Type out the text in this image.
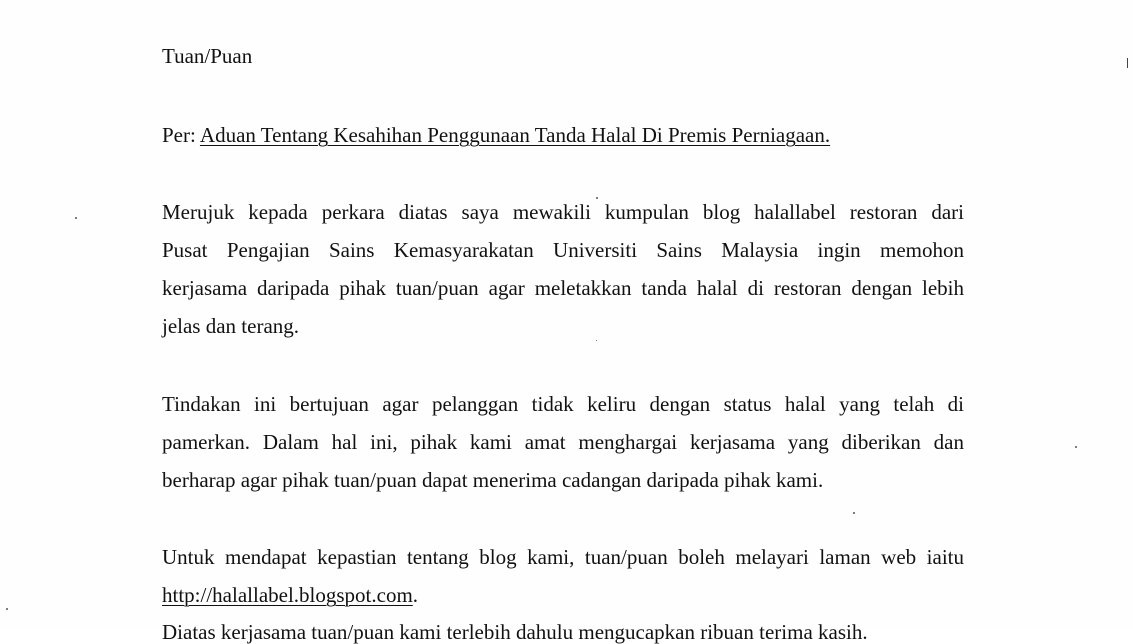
Tuan/Puan
Per: Aduan Tentang Kesahihan Penggunaan Tanda Halal Di Premis Perniagaan.
Merujuk kepada perkara diatas saya mewakili kumpulan blog halallabel restoran dari
Pusat Pengajian Sains Kemasyarakatan Universiti Sains Malaysia ingin memohon
kerjasama daripada pihak tuan/puan agar meletakkan tanda halal di restoran dengan lebih
jelas dan terang.
Tindakan ini bertujuan agar pelanggan tidak keliru dengan status halal yang telah di
pamerkan. Dalam hal ini, pihak kami amat menghargai kerjasama yang diberikan dan
berharap agar pihak tuan/puan dapat menerima cadangan daripada pihak kami.
Untuk mendapat kepastian tentang blog kami, tuan/puan boleh melayari laman web iaitu
http://halallabel.blogspot.com.
Diatas kerjasama tuan/puan kami terlebih dahulu mengucapkan ribuan terima kasih.
